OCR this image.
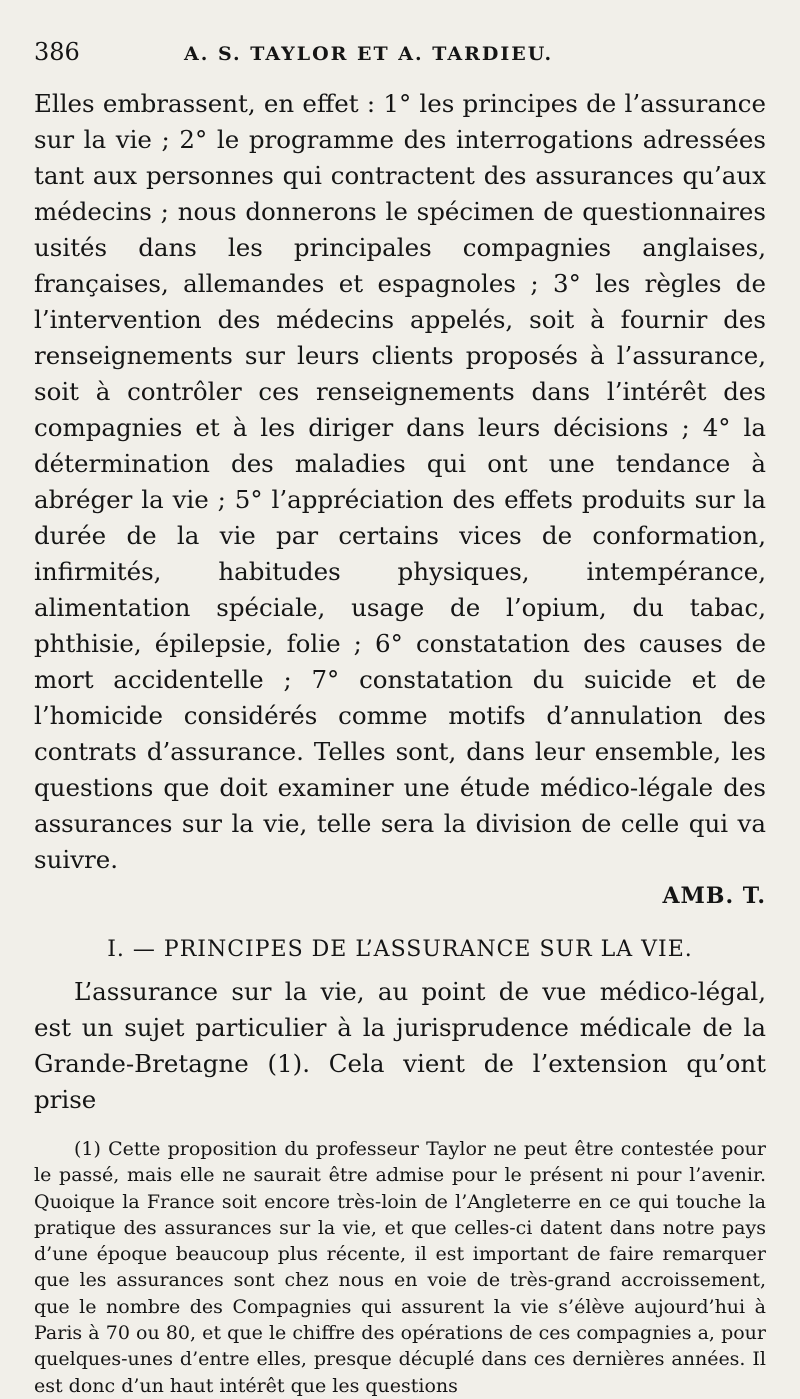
386	A. S. TAYLOR ET A. TARDIEU.

Elles embrassent, en effet : 1° les principes de l’assurance sur la vie ; 2° le programme des interrogations adressées tant aux personnes qui contractent des assurances qu’aux médecins ; nous donnerons le spécimen de questionnaires usités dans les principales compagnies anglaises, françaises, allemandes et espagnoles ; 3° les règles de l’intervention des médecins appelés, soit à fournir des renseignements sur leurs clients proposés à l’assurance, soit à contrôler ces renseignements dans l’intérêt des compagnies et à les diriger dans leurs décisions ; 4° la détermination des maladies qui ont une tendance à abréger la vie ; 5° l’appréciation des effets produits sur la durée de la vie par certains vices de conformation, infirmités, habitudes physiques, intempérance, alimentation spéciale, usage de l’opium, du tabac, phthisie, épilepsie, folie ; 6° constatation des causes de mort accidentelle ; 7° constatation du suicide et de l’homicide considérés comme motifs d’annulation des contrats d’assurance. Telles sont, dans leur ensemble, les questions que doit examiner une étude médico-légale des assurances sur la vie, telle sera la division de celle qui va suivre.

AMB. T.
I. — PRINCIPES DE L’ASSURANCE SUR LA VIE.

L’assurance sur la vie, au point de vue médico-légal, est un sujet particulier à la jurisprudence médicale de la Grande-Bretagne (1). Cela vient de l’extension qu’ont prise

(1) Cette proposition du professeur Taylor ne peut être contestée pour le passé, mais elle ne saurait être admise pour le présent ni pour l’avenir. Quoique la France soit encore très-loin de l’Angleterre en ce qui touche la pratique des assurances sur la vie, et que celles-ci datent dans notre pays d’une époque beaucoup plus récente, il est important de faire remarquer que les assurances sont chez nous en voie de très-grand accroissement, que le nombre des Compagnies qui assurent la vie s’élève aujourd’hui à Paris à 70 ou 80, et que le chiffre des opérations de ces compagnies a, pour quelques-unes d’entre elles, presque décuplé dans ces dernières années. Il est donc d’un haut intérêt que les questions
